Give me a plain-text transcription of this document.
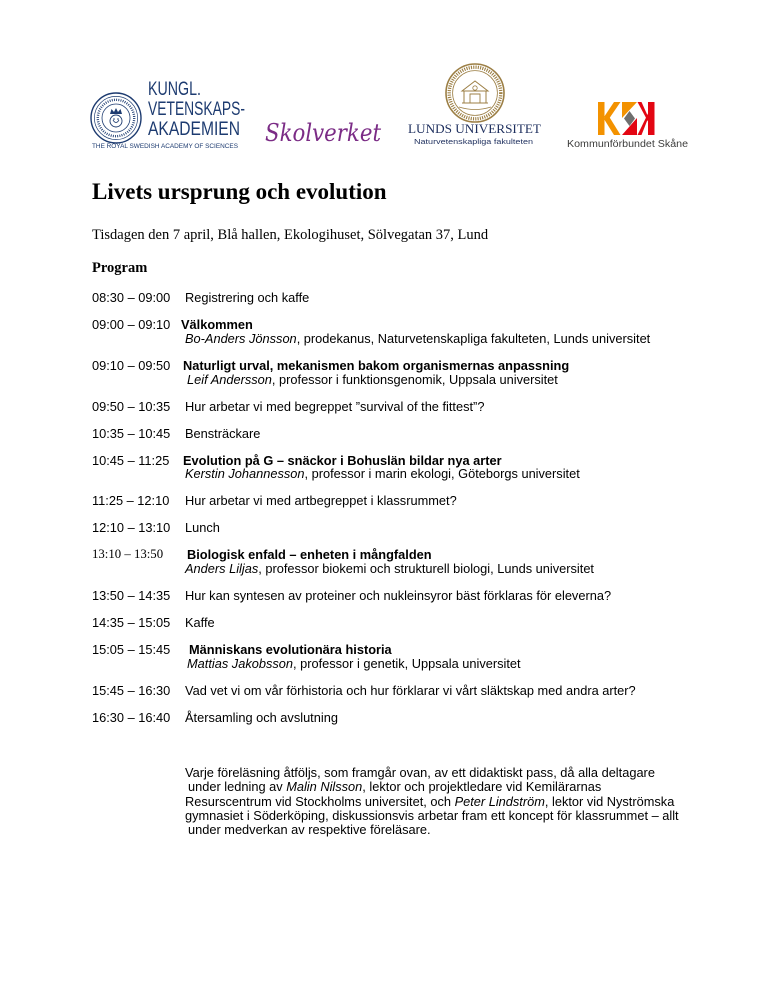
KUNGL.
VETENSKAPS-
AKADEMIEN
THE ROYAL SWEDISH ACADEMY OF SCIENCES Skolverket LUNDS UNIVERSITET
Naturvetenskapliga fakulteten	Kommunförbundet Skåne
Livets ursprung och evolution

Tisdagen den 7 april, Blå hallen, Ekologihuset, Sölvegatan 37, Lund

Program
08:30 – 09:00	Registrering och kaffe
09:00 – 09:10 Välkommen
Bo-Anders Jönsson, prodekanus, Naturvetenskapliga fakulteten, Lunds universitet
09:10 – 09:50 Naturligt urval, mekanismen bakom organismernas anpassning
Leif Andersson, professor i funktionsgenomik, Uppsala universitet
09:50 – 10:35	Hur arbetar vi med begreppet ”survival of the fittest”?
10:35 – 10:45	Bensträckare
10:45 – 11:25	Evolution på G – snäckor i Bohuslän bildar nya arter
Kerstin Johannesson, professor i marin ekologi, Göteborgs universitet
11:25 – 12:10	Hur arbetar vi med artbegreppet i klassrummet?
12:10 – 13:10	Lunch
13:10 – 13:50	Biologisk enfald – enheten i mångfalden
Anders Liljas, professor biokemi och strukturell biologi, Lunds universitet
13:50 – 14:35	Hur kan syntesen av proteiner och nukleinsyror bäst förklaras för eleverna?
14:35 – 15:05	Kaffe
15:05 – 15:45	Människans evolutionära historia
Mattias Jakobsson, professor i genetik, Uppsala universitet
15:45 – 16:30	Vad vet vi om vår förhistoria och hur förklarar vi vårt släktskap med andra arter?
16:30 – 16:40	Återsamling och avslutning
Varje föreläsning åtföljs, som framgår ovan, av ett didaktiskt pass, då alla deltagare
under ledning av Malin Nilsson, lektor och projektledare vid Kemilärarnas
Resurscentrum vid Stockholms universitet, och Peter Lindström, lektor vid Nyströmska
gymnasiet i Söderköping, diskussionsvis arbetar fram ett koncept för klassrummet – allt
under medverkan av respektive föreläsare.
